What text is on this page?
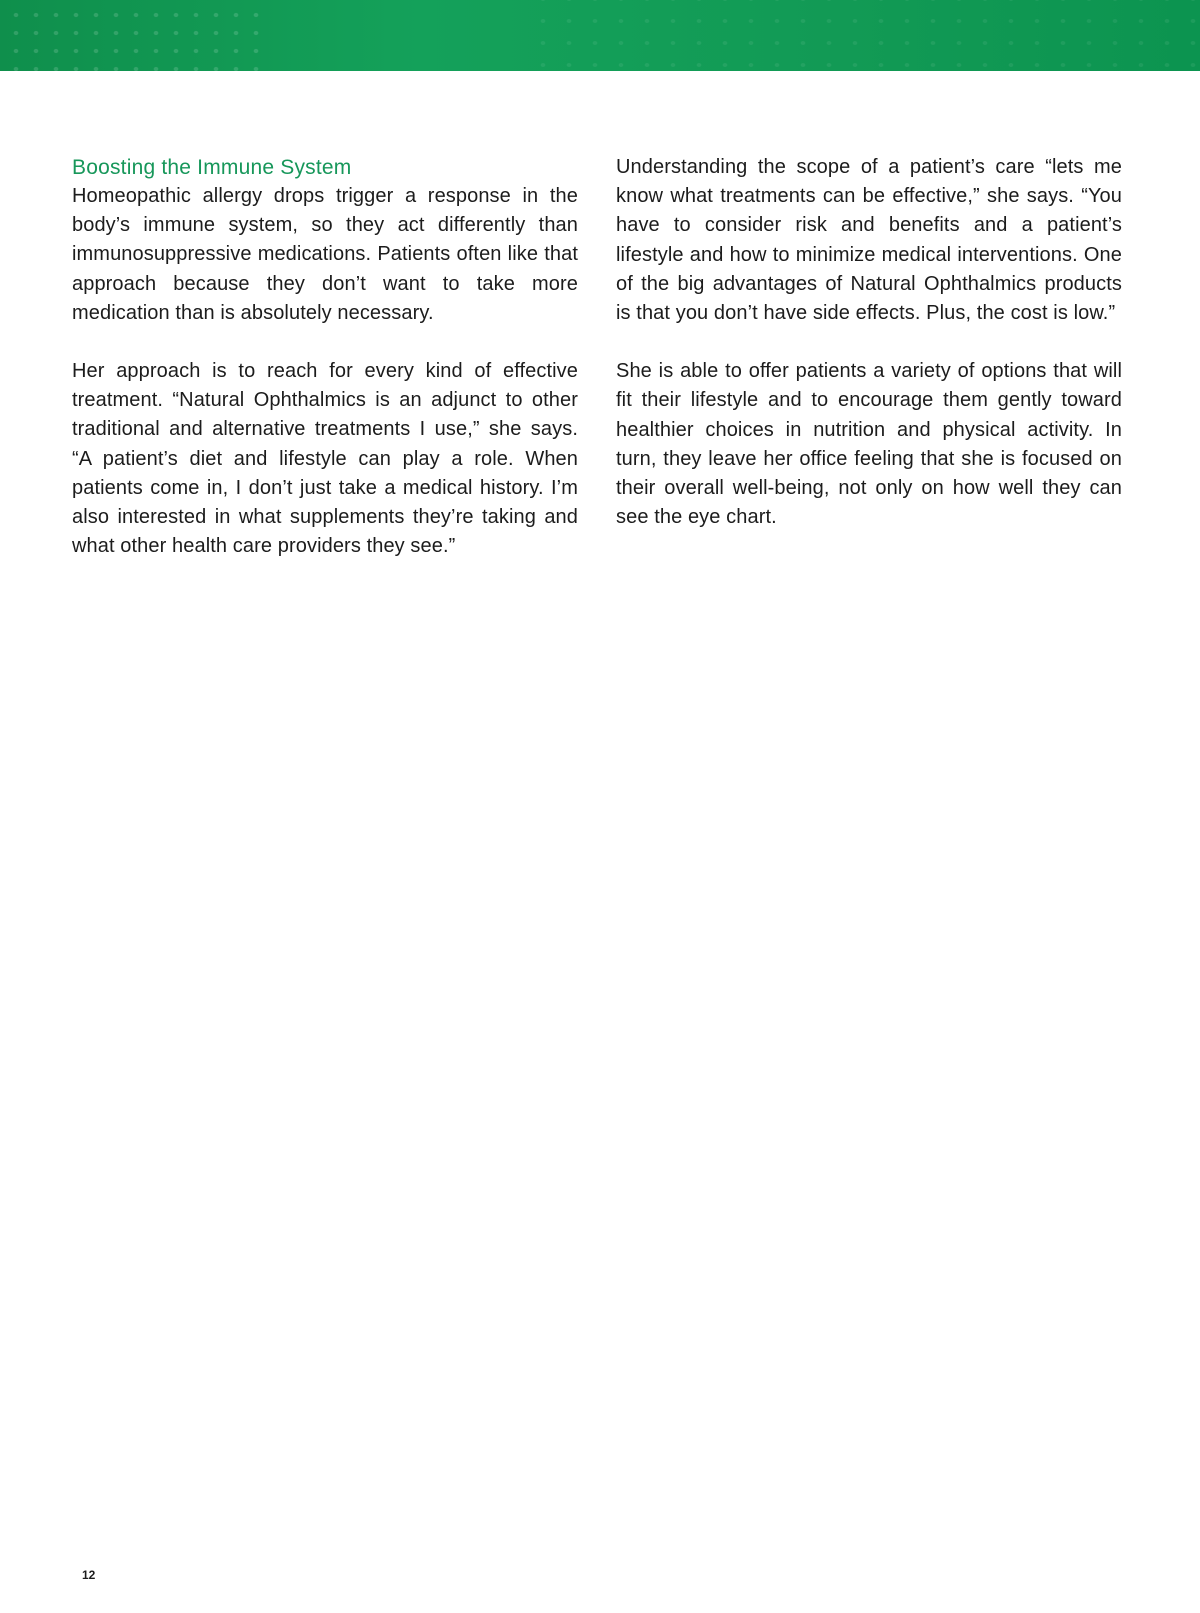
Boosting the Immune System

Homeopathic allergy drops trigger a response in the body’s immune system, so they act differently than immunosuppressive medications. Patients often like that approach because they don’t want to take more medication than is absolutely necessary.

Her approach is to reach for every kind of effective treatment. “Natural Ophthalmics is an adjunct to other traditional and alternative treatments I use,” she says. “A patient’s diet and lifestyle can play a role. When patients come in, I don’t just take a medical history. I’m also interested in what supplements they’re taking and what other health care providers they see.”

Understanding the scope of a patient’s care “lets me know what treatments can be effective,” she says. “You have to consider risk and benefits and a patient’s lifestyle and how to minimize medical interventions. One of the big advantages of Natural Ophthalmics products is that you don’t have side effects. Plus, the cost is low.”

She is able to offer patients a variety of options that will fit their lifestyle and to encourage them gently toward healthier choices in nutrition and physical activity. In turn, they leave her office feeling that she is focused on their overall well-being, not only on how well they can see the eye chart.

12
